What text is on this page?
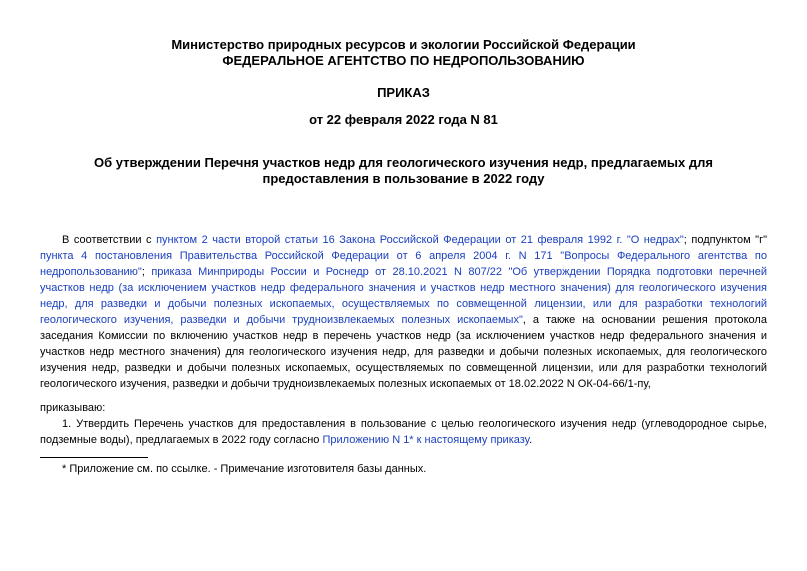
Министерство природных ресурсов и экологии Российской Федерации
ФЕДЕРАЛЬНОЕ АГЕНТСТВО ПО НЕДРОПОЛЬЗОВАНИЮ
ПРИКАЗ
от 22 февраля 2022 года N 81
Об утверждении Перечня участков недр для геологического изучения недр, предлагаемых для
предоставления в пользование в 2022 году
В соответствии с пунктом 2 части второй статьи 16 Закона Российской Федерации от 21 февраля 1992 г. "О недрах"; подпунктом "г" пункта 4 постановления Правительства Российской Федерации от 6 апреля 2004 г. N 171 "Вопросы Федерального агентства по недропользованию"; приказа Минприроды России и Роснедр от 28.10.2021 N 807/22 "Об утверждении Порядка подготовки перечней участков недр (за исключением участков недр федерального значения и участков недр местного значения) для геологического изучения недр, для разведки и добычи полезных ископаемых, осуществляемых по совмещенной лицензии, или для разработки технологий геологического изучения, разведки и добычи трудноизвлекаемых полезных ископаемых", а также на основании решения протокола заседания Комиссии по включению участков недр в перечень участков недр (за исключением участков недр федерального значения и участков недр местного значения) для геологического изучения недр, для разведки и добычи полезных ископаемых, для геологического изучения недр, разведки и добычи полезных ископаемых, осуществляемых по совмещенной лицензии, или для разработки технологий геологического изучения, разведки и добычи трудноизвлекаемых полезных ископаемых от 18.02.2022 N ОК-04-66/1-пу,
приказываю:
1. Утвердить Перечень участков для предоставления в пользование с целью геологического изучения недр (углеводородное сырье, подземные воды), предлагаемых в 2022 году согласно Приложению N 1* к настоящему приказу.
* Приложение см. по ссылке. - Примечание изготовителя базы данных.
